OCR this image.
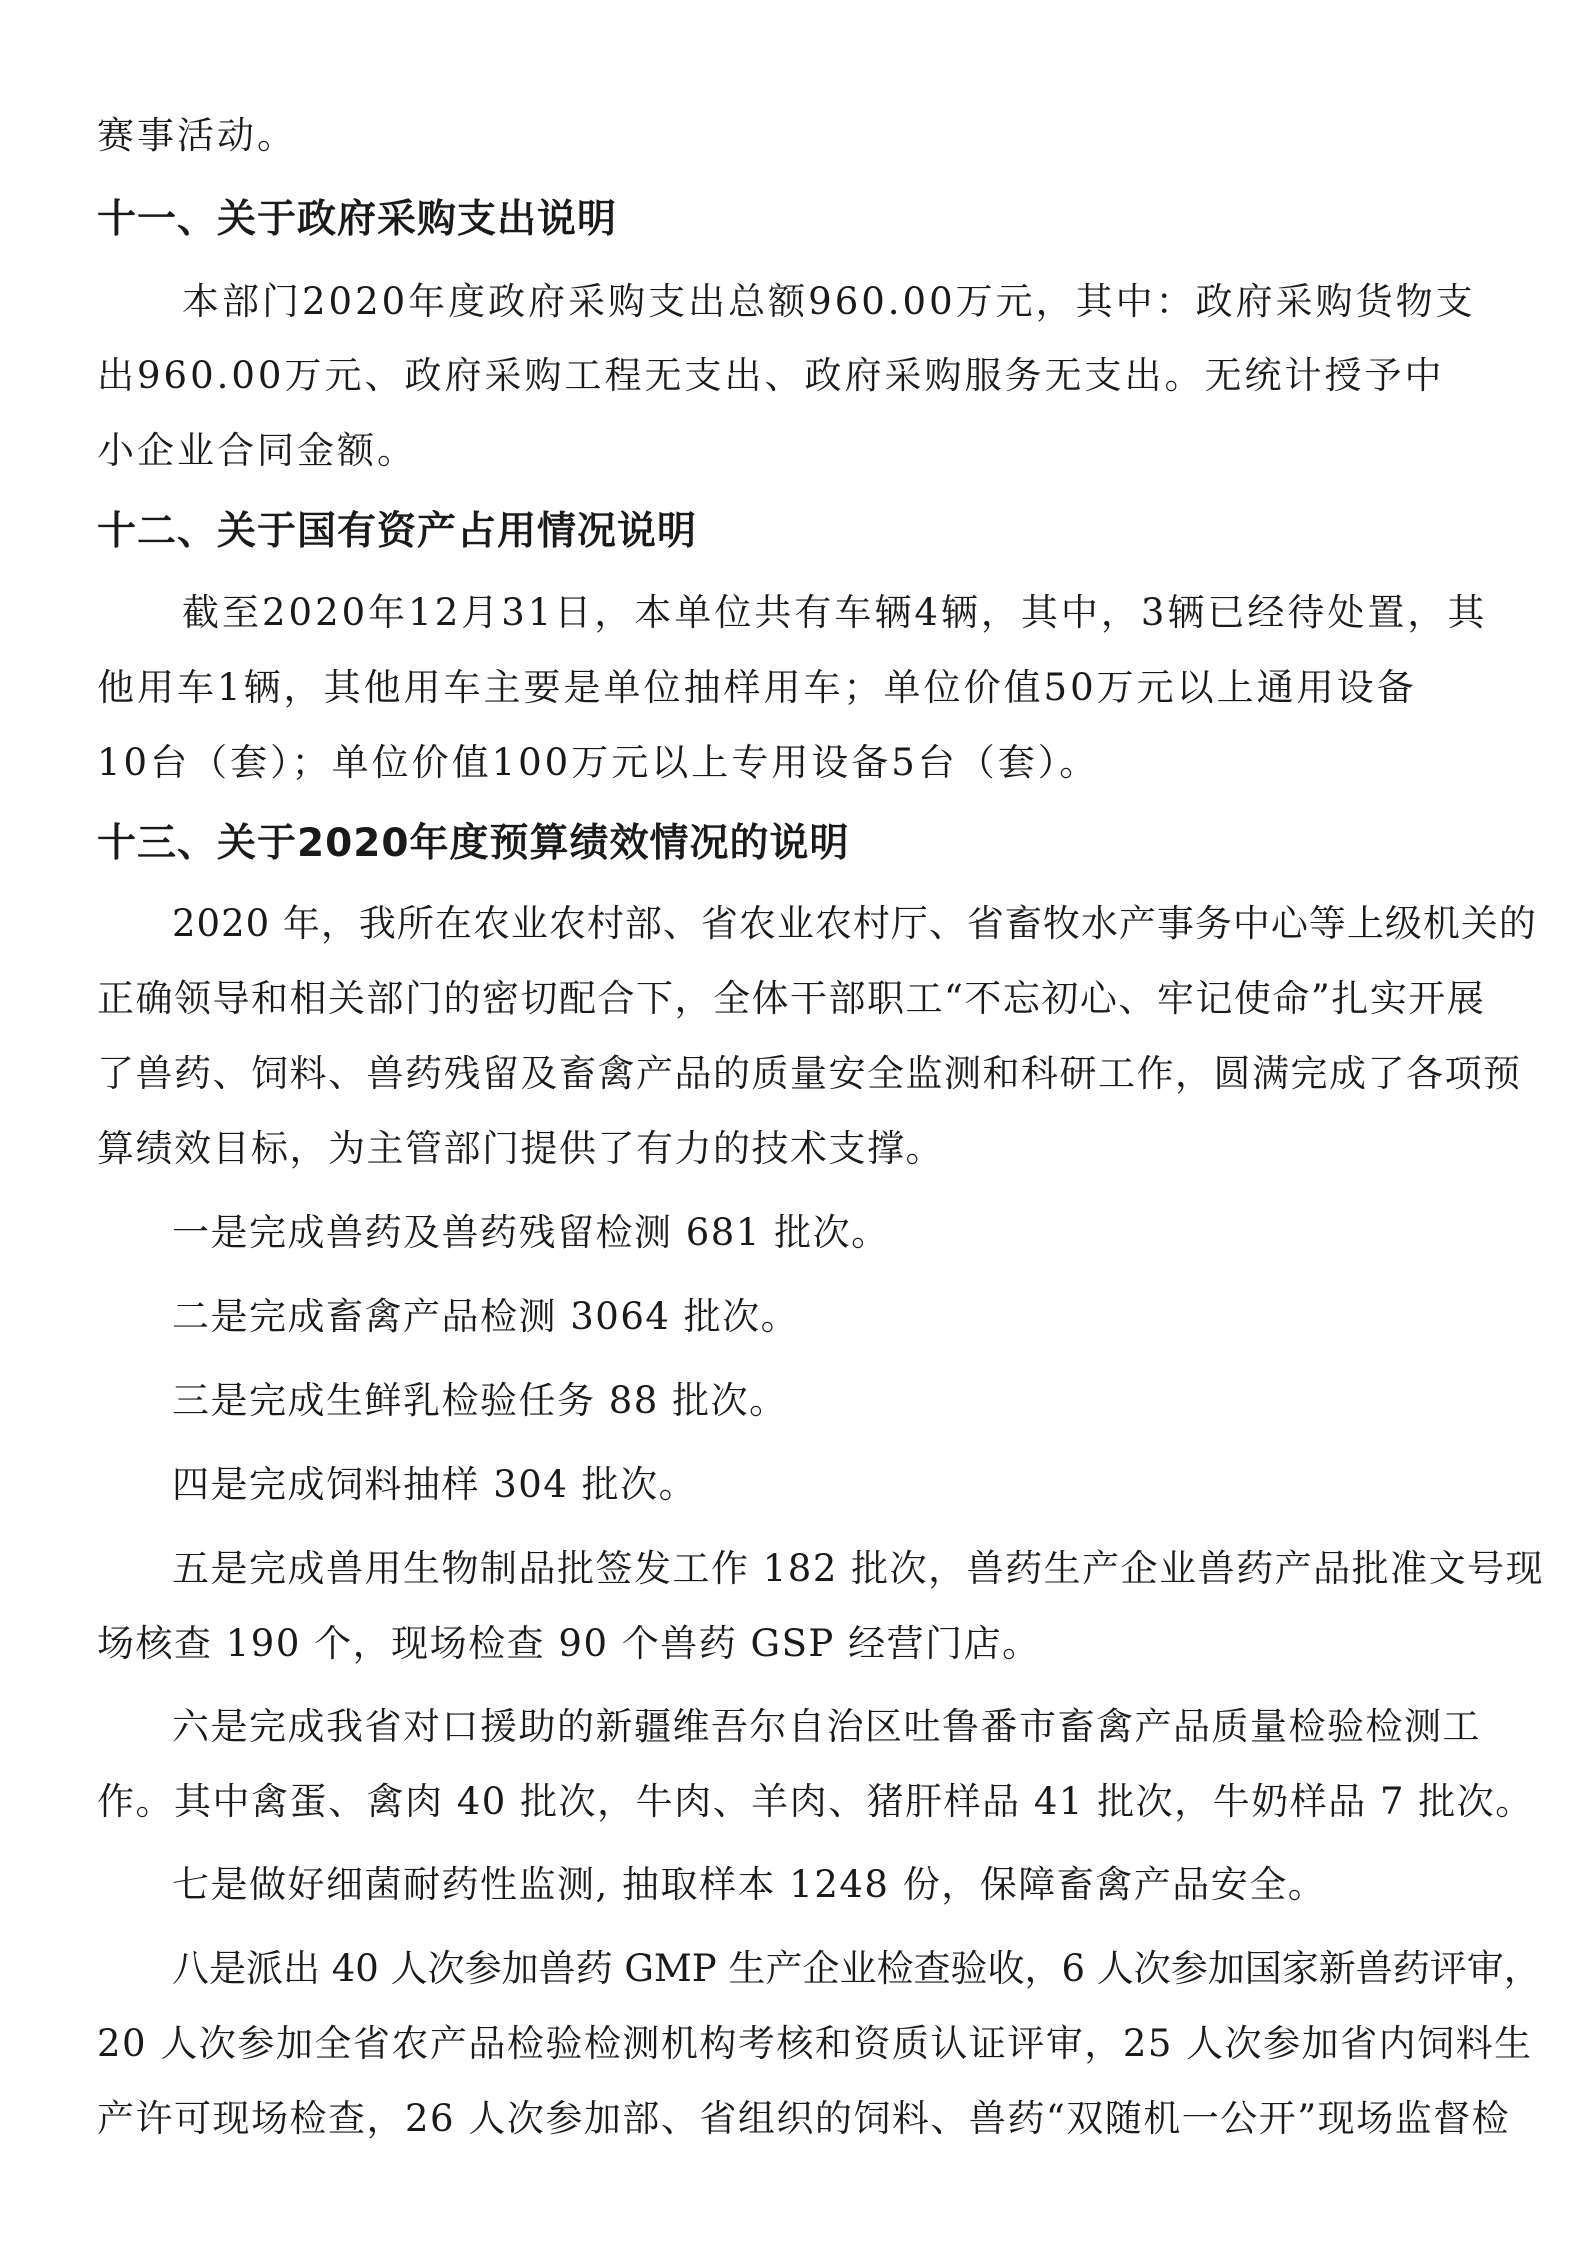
赛事活动。
十一、关于政府采购支出说明
本部门2020年度政府采购支出总额960.00万元，其中：政府采购货物支
出960.00万元、政府采购工程无支出、政府采购服务无支出。无统计授予中
小企业合同金额。
十二、关于国有资产占用情况说明
截至2020年12月31日，本单位共有车辆4辆，其中，3辆已经待处置，其
他用车1辆，其他用车主要是单位抽样用车；单位价值50万元以上通用设备
10台（套）；单位价值100万元以上专用设备5台（套）。
十三、关于2020年度预算绩效情况的说明
2020 年，我所在农业农村部、省农业农村厅、省畜牧水产事务中心等上级机关的
正确领导和相关部门的密切配合下，全体干部职工“不忘初心、牢记使命”扎实开展
了兽药、饲料、兽药残留及畜禽产品的质量安全监测和科研工作，圆满完成了各项预
算绩效目标，为主管部门提供了有力的技术支撑。
一是完成兽药及兽药残留检测 681 批次。
二是完成畜禽产品检测 3064 批次。
三是完成生鲜乳检验任务 88 批次。
四是完成饲料抽样 304 批次。
五是完成兽用生物制品批签发工作 182 批次，兽药生产企业兽药产品批准文号现
场核查 190 个，现场检查 90 个兽药 GSP 经营门店。
六是完成我省对口援助的新疆维吾尔自治区吐鲁番市畜禽产品质量检验检测工
作。其中禽蛋、禽肉 40 批次，牛肉、羊肉、猪肝样品 41 批次，牛奶样品 7 批次。
七是做好细菌耐药性监测, 抽取样本 1248 份，保障畜禽产品安全。
八是派出 40 人次参加兽药 GMP 生产企业检查验收，6 人次参加国家新兽药评审，
20 人次参加全省农产品检验检测机构考核和资质认证评审，25 人次参加省内饲料生
产许可现场检查，26 人次参加部、省组织的饲料、兽药“双随机一公开”现场监督检
